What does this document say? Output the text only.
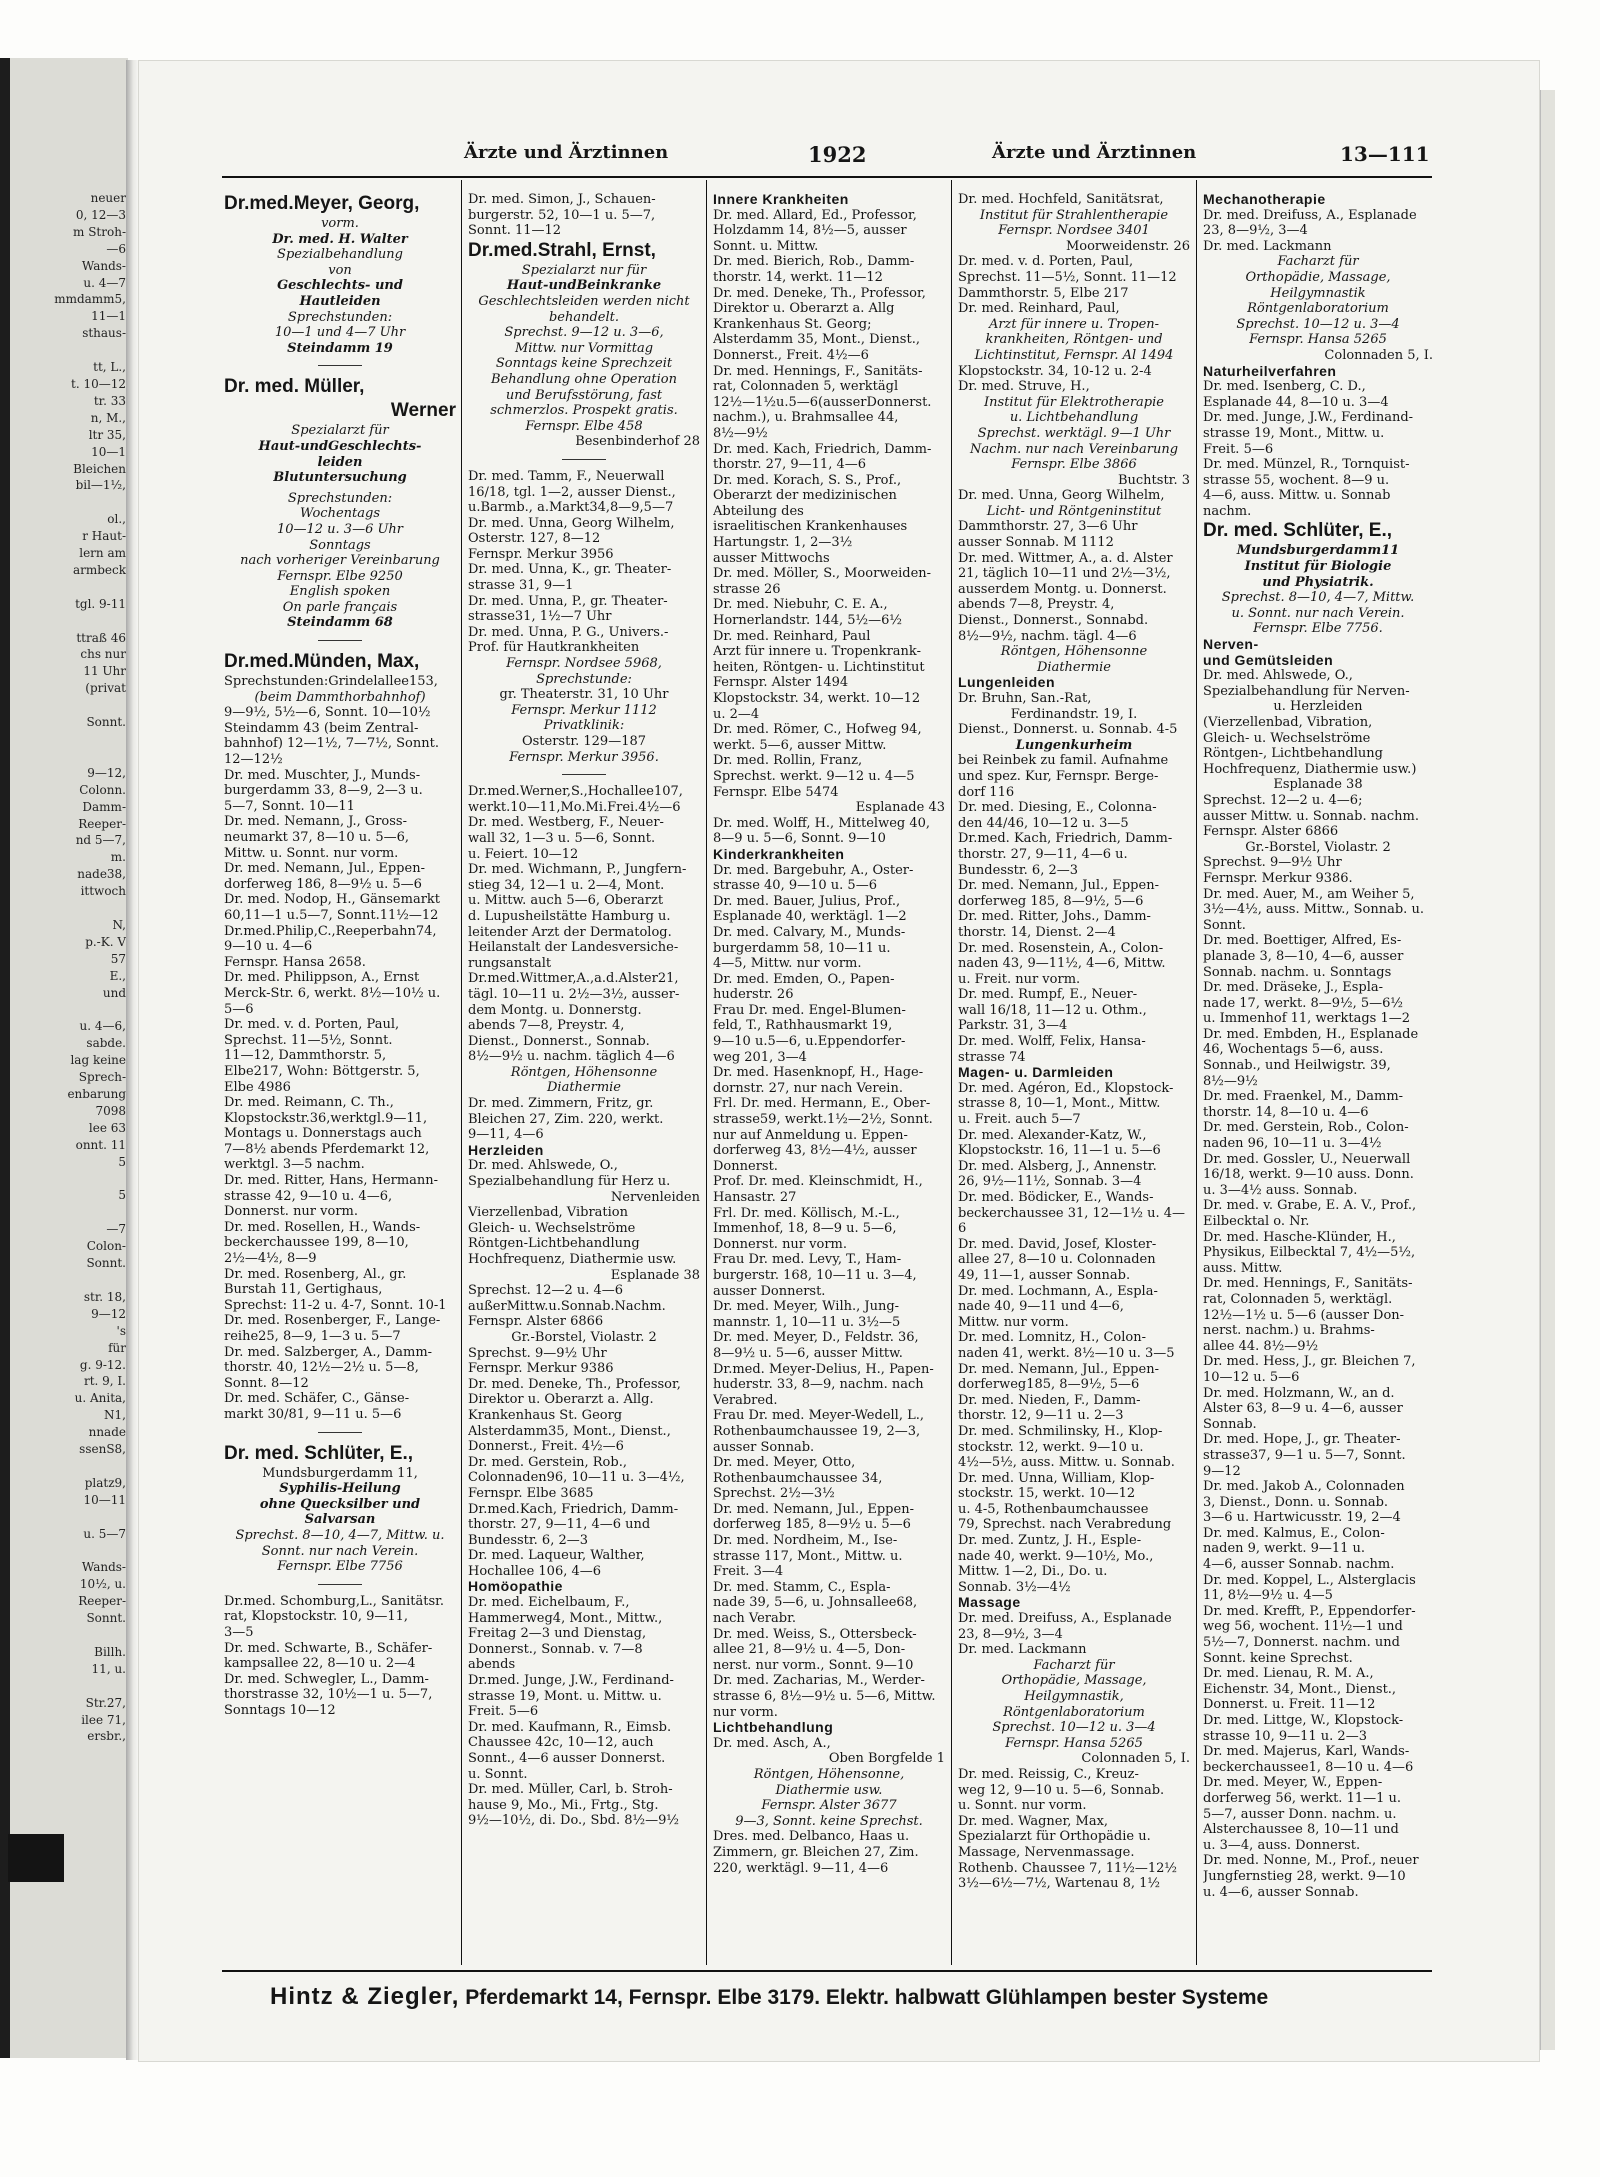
neuer
0, 12—3
m Stroh-
—6
Wands-
u. 4—7
mmdamm5,
11—1
sthaus-

tt, L.,
t. 10—12
tr. 33
n, M.,
ltr 35,
10—1
Bleichen
bil—1½,

ol.,
r Haut-
lern am
armbeck

tgl. 9-11

ttraß 46
chs nur
11 Uhr
(privat

Sonnt.

9—12,
Colonn.
Damm-
Reeper-
nd 5—7,
m.
nade38,
ittwoch

N,
p.-K. V
57
E.,
und

u. 4—6,
sabde.
lag keine
Sprech-
enbarung
7098
lee 63
onnt. 11
5

5

—7
Colon-
Sonnt.

str. 18,
9—12
's
für
g. 9-12.
rt. 9, I.
u. Anita,
N1,
nnade
ssenS8,

platz9,
10—11

u. 5—7

Wands-
10½, u.
Reeper-
Sonnt.

Billh.
11, u.

Str.27,
ilee 71,
ersbr.,
Ärzte und Ärztinnen	1922	Ärzte und Ärztinnen	13—111

Dr.med.Meyer, Georg,

vorm.

Dr. med. H. Walter

Spezialbehandlung

von

Geschlechts- und

Hautleiden

Sprechstunden:

10—1 und 4—7 Uhr

Steindamm 19

Dr. med. Müller,

Werner

Spezialarzt für

Haut-undGeschlechts-

leiden

Blutuntersuchung

Sprechstunden:

Wochentags

10—12 u. 3—6 Uhr

Sonntags

nach vorheriger Vereinbarung

Fernspr. Elbe 9250

English spoken

On parle français

Steindamm 68

Dr.med.Münden, Max,

Sprechstunden:Grindelallee153,

(beim Dammthorbahnhof)

9—9½, 5½—6, Sonnt. 10—10½

Steindamm 43 (beim Zentral-

bahnhof) 12—1½, 7—7½, Sonnt.

12—12½

Dr. med. Muschter, J., Munds-

burgerdamm 33, 8—9, 2—3 u.

5—7, Sonnt. 10—11

Dr. med. Nemann, J., Gross-

neumarkt 37, 8—10 u. 5—6,

Mittw. u. Sonnt. nur vorm.

Dr. med. Nemann, Jul., Eppen-

dorferweg 186, 8—9½ u. 5—6

Dr. med. Nodop, H., Gänsemarkt

60,11—1 u.5—7, Sonnt.11½—12

Dr.med.Philip,C.,Reeperbahn74,

9—10 u. 4—6

Fernspr. Hansa 2658.

Dr. med. Philippson, A., Ernst

Merck-Str. 6, werkt. 8½—10½ u.

5—6

Dr. med. v. d. Porten, Paul,

Sprechst. 11—5½, Sonnt.

11—12, Dammthorstr. 5,

Elbe217, Wohn: Böttgerstr. 5,

Elbe 4986

Dr. med. Reimann, C. Th.,

Klopstockstr.36,werktgl.9—11,

Montags u. Donnerstags auch

7—8½ abends Pferdemarkt 12,

werktgl. 3—5 nachm.

Dr. med. Ritter, Hans, Hermann-

strasse 42, 9—10 u. 4—6,

Donnerst. nur vorm.

Dr. med. Rosellen, H., Wands-

beckerchaussee 199, 8—10,

2½—4½, 8—9

Dr. med. Rosenberg, Al., gr.

Burstah 11, Gertighaus,

Sprechst: 11-2 u. 4-7, Sonnt. 10-1

Dr. med. Rosenberger, F., Lange-

reihe25, 8—9, 1—3 u. 5—7

Dr. med. Salzberger, A., Damm-

thorstr. 40, 12½—2½ u. 5—8,

Sonnt. 8—12

Dr. med. Schäfer, C., Gänse-

markt 30/81, 9—11 u. 5—6

Dr. med. Schlüter, E.,

Mundsburgerdamm 11,

Syphilis-Heilung

ohne Quecksilber und

Salvarsan

Sprechst. 8—10, 4—7, Mittw. u.

Sonnt. nur nach Verein.

Fernspr. Elbe 7756

Dr.med. Schomburg,L., Sanitätsr.

rat, Klopstockstr. 10, 9—11,

3—5

Dr. med. Schwarte, B., Schäfer-

kampsallee 22, 8—10 u. 2—4

Dr. med. Schwegler, L., Damm-

thorstrasse 32, 10½—1 u. 5—7,

Sonntags 10—12

Dr. med. Simon, J., Schauen-

burgerstr. 52, 10—1 u. 5—7,

Sonnt. 11—12

Dr.med.Strahl, Ernst,

Spezialarzt nur für

Haut-undBeinkranke

Geschlechtsleiden werden nicht

behandelt.

Sprechst. 9—12 u. 3—6,

Mittw. nur Vormittag

Sonntags keine Sprechzeit

Behandlung ohne Operation

und Berufsstörung, fast

schmerzlos. Prospekt gratis.

Fernspr. Elbe 458

Besenbinderhof 28

Dr. med. Tamm, F., Neuerwall

16/18, tgl. 1—2, ausser Dienst.,

u.Barmb., a.Markt34,8—9,5—7

Dr. med. Unna, Georg Wilhelm,

Osterstr. 127, 8—12

Fernspr. Merkur 3956

Dr. med. Unna, K., gr. Theater-

strasse 31, 9—1

Dr. med. Unna, P., gr. Theater-

strasse31, 1½—7 Uhr

Dr. med. Unna, P. G., Univers.-

Prof. für Hautkrankheiten

Fernspr. Nordsee 5968,

Sprechstunde:

gr. Theaterstr. 31, 10 Uhr

Fernspr. Merkur 1112

Privatklinik:

Osterstr. 129—187

Fernspr. Merkur 3956.

Dr.med.Werner,S.,Hochallee107,

werkt.10—11,Mo.Mi.Frei.4½—6

Dr. med. Westberg, F., Neuer-

wall 32, 1—3 u. 5—6, Sonnt.

u. Feiert. 10—12

Dr. med. Wichmann, P., Jungfern-

stieg 34, 12—1 u. 2—4, Mont.

u. Mittw. auch 5—6, Oberarzt

d. Lupusheilstätte Hamburg u.

leitender Arzt der Dermatolog.

Heilanstalt der Landesversiche-

rungsanstalt

Dr.med.Wittmer,A.,a.d.Alster21,

tägl. 10—11 u. 2½—3½, ausser-

dem Montg. u. Donnerstg.

abends 7—8, Preystr. 4,

Dienst., Donnerst., Sonnab.

8½—9½ u. nachm. täglich 4—6

Röntgen, Höhensonne

Diathermie

Dr. med. Zimmern, Fritz, gr.

Bleichen 27, Zim. 220, werkt.

9—11, 4—6

Herzleiden

Dr. med. Ahlswede, O.,

Spezialbehandlung für Herz u.

Nervenleiden

Vierzellenbad, Vibration

Gleich- u. Wechselströme

Röntgen-Lichtbehandlung

Hochfrequenz, Diathermie usw.

Esplanade 38

Sprechst. 12—2 u. 4—6

außerMittw.u.Sonnab.Nachm.

Fernspr. Alster 6866

Gr.-Borstel, Violastr. 2

Sprechst. 9—9½ Uhr

Fernspr. Merkur 9386

Dr. med. Deneke, Th., Professor,

Direktor u. Oberarzt a. Allg.

Krankenhaus St. Georg

Alsterdamm35, Mont., Dienst.,

Donnerst., Freit. 4½—6

Dr. med. Gerstein, Rob.,

Colonnaden96, 10—11 u. 3—4½,

Fernspr. Elbe 3685

Dr.med.Kach, Friedrich, Damm-

thorstr. 27, 9—11, 4—6 und

Bundesstr. 6, 2—3

Dr. med. Laqueur, Walther,

Hochallee 106, 4—6

Homöopathie

Dr. med. Eichelbaum, F.,

Hammerweg4, Mont., Mittw.,

Freitag 2—3 und Dienstag,

Donnerst., Sonnab. v. 7—8

abends

Dr.med. Junge, J.W., Ferdinand-

strasse 19, Mont. u. Mittw. u.

Freit. 5—6

Dr. med. Kaufmann, R., Eimsb.

Chaussee 42c, 10—12, auch

Sonnt., 4—6 ausser Donnerst.

u. Sonnt.

Dr. med. Müller, Carl, b. Stroh-

hause 9, Mo., Mi., Frtg., Stg.

9½—10½, di. Do., Sbd. 8½—9½

Innere Krankheiten

Dr. med. Allard, Ed., Professor,

Holzdamm 14, 8½—5, ausser

Sonnt. u. Mittw.

Dr. med. Bierich, Rob., Damm-

thorstr. 14, werkt. 11—12

Dr. med. Deneke, Th., Professor,

Direktor u. Oberarzt a. Allg

Krankenhaus St. Georg;

Alsterdamm 35, Mont., Dienst.,

Donnerst., Freit. 4½—6

Dr. med. Hennings, F., Sanitäts-

rat, Colonnaden 5, werktägl

12½—1½u.5—6(ausserDonnerst.

nachm.), u. Brahmsallee 44,

8½—9½

Dr. med. Kach, Friedrich, Damm-

thorstr. 27, 9—11, 4—6

Dr. med. Korach, S. S., Prof.,

Oberarzt der medizinischen

Abteilung des

israelitischen Krankenhauses

Hartungstr. 1, 2—3½

ausser Mittwochs

Dr. med. Möller, S., Moorweiden-

strasse 26

Dr. med. Niebuhr, C. E. A.,

Hornerlandstr. 144, 5½—6½

Dr. med. Reinhard, Paul

Arzt für innere u. Tropenkrank-

heiten, Röntgen- u. Lichtinstitut

Fernspr. Alster 1494

Klopstockstr. 34, werkt. 10—12

u. 2—4

Dr. med. Römer, C., Hofweg 94,

werkt. 5—6, ausser Mittw.

Dr. med. Rollin, Franz,

Sprechst. werkt. 9—12 u. 4—5

Fernspr. Elbe 5474

Esplanade 43

Dr. med. Wolff, H., Mittelweg 40,

8—9 u. 5—6, Sonnt. 9—10

Kinderkrankheiten

Dr. med. Bargebuhr, A., Oster-

strasse 40, 9—10 u. 5—6

Dr. med. Bauer, Julius, Prof.,

Esplanade 40, werktägl. 1—2

Dr. med. Calvary, M., Munds-

burgerdamm 58, 10—11 u.

4—5, Mittw. nur vorm.

Dr. med. Emden, O., Papen-

huderstr. 26

Frau Dr. med. Engel-Blumen-

feld, T., Rathhausmarkt 19,

9—10 u.5—6, u.Eppendorfer-

weg 201, 3—4

Dr. med. Hasenknopf, H., Hage-

dornstr. 27, nur nach Verein.

Frl. Dr. med. Hermann, E., Ober-

strasse59, werkt.1½—2½, Sonnt.

nur auf Anmeldung u. Eppen-

dorferweg 43, 8½—4½, ausser

Donnerst.

Prof. Dr. med. Kleinschmidt, H.,

Hansastr. 27

Frl. Dr. med. Köllisch, M.-L.,

Immenhof, 18, 8—9 u. 5—6,

Donnerst. nur vorm.

Frau Dr. med. Levy, T., Ham-

burgerstr. 168, 10—11 u. 3—4,

ausser Donnerst.

Dr. med. Meyer, Wilh., Jung-

mannstr. 1, 10—11 u. 3½—5

Dr. med. Meyer, D., Feldstr. 36,

8—9½ u. 5—6, ausser Mittw.

Dr.med. Meyer-Delius, H., Papen-

huderstr. 33, 8—9, nachm. nach

Verabred.

Frau Dr. med. Meyer-Wedell, L.,

Rothenbaumchaussee 19, 2—3,

ausser Sonnab.

Dr. med. Meyer, Otto,

Rothenbaumchaussee 34,

Sprechst. 2½—3½

Dr. med. Nemann, Jul., Eppen-

dorferweg 185, 8—9½ u. 5—6

Dr. med. Nordheim, M., Ise-

strasse 117, Mont., Mittw. u.

Freit. 3—4

Dr. med. Stamm, C., Espla-

nade 39, 5—6, u. Johnsallee68,

nach Verabr.

Dr. med. Weiss, S., Ottersbeck-

allee 21, 8—9½ u. 4—5, Don-

nerst. nur vorm., Sonnt. 9—10

Dr. med. Zacharias, M., Werder-

strasse 6, 8½—9½ u. 5—6, Mittw.

nur vorm.

Lichtbehandlung

Dr. med. Asch, A.,

Oben Borgfelde 1

Röntgen, Höhensonne,

Diathermie usw.

Fernspr. Alster 3677

9—3, Sonnt. keine Sprechst.

Dres. med. Delbanco, Haas u.

Zimmern, gr. Bleichen 27, Zim.

220, werktägl. 9—11, 4—6

Dr. med. Hochfeld, Sanitätsrat,

Institut für Strahlentherapie

Fernspr. Nordsee 3401

Moorweidenstr. 26

Dr. med. v. d. Porten, Paul,

Sprechst. 11—5½, Sonnt. 11—12

Dammthorstr. 5, Elbe 217

Dr. med. Reinhard, Paul,

Arzt für innere u. Tropen-

krankheiten, Röntgen- und

Lichtinstitut, Fernspr. Al 1494

Klopstockstr. 34, 10-12 u. 2-4

Dr. med. Struve, H.,

Institut für Elektrotherapie

u. Lichtbehandlung

Sprechst. werktägl. 9—1 Uhr

Nachm. nur nach Vereinbarung

Fernspr. Elbe 3866

Buchtstr. 3

Dr. med. Unna, Georg Wilhelm,

Licht- und Röntgeninstitut

Dammthorstr. 27, 3—6 Uhr

ausser Sonnab. M 1112

Dr. med. Wittmer, A., a. d. Alster

21, täglich 10—11 und 2½—3½,

ausserdem Montg. u. Donnerst.

abends 7—8, Preystr. 4,

Dienst., Donnerst., Sonnabd.

8½—9½, nachm. tägl. 4—6

Röntgen, Höhensonne

Diathermie

Lungenleiden

Dr. Bruhn, San.-Rat,

Ferdinandstr. 19, I.

Dienst., Donnerst. u. Sonnab. 4-5

Lungenkurheim

bei Reinbek zu famil. Aufnahme

und spez. Kur, Fernspr. Berge-

dorf 116

Dr. med. Diesing, E., Colonna-

den 44/46, 10—12 u. 3—5

Dr.med. Kach, Friedrich, Damm-

thorstr. 27, 9—11, 4—6 u.

Bundesstr. 6, 2—3

Dr. med. Nemann, Jul., Eppen-

dorferweg 185, 8—9½, 5—6

Dr. med. Ritter, Johs., Damm-

thorstr. 14, Dienst. 2—4

Dr. med. Rosenstein, A., Colon-

naden 43, 9—11½, 4—6, Mittw.

u. Freit. nur vorm.

Dr. med. Rumpf, E., Neuer-

wall 16/18, 11—12 u. Othm.,

Parkstr. 31, 3—4

Dr. med. Wolff, Felix, Hansa-

strasse 74

Magen- u. Darmleiden

Dr. med. Agéron, Ed., Klopstock-

strasse 8, 10—1, Mont., Mittw.

u. Freit. auch 5—7

Dr. med. Alexander-Katz, W.,

Klopstockstr. 16, 11—1 u. 5—6

Dr. med. Alsberg, J., Annenstr.

26, 9½—11½, Sonnab. 3—4

Dr. med. Bödicker, E., Wands-

beckerchaussee 31, 12—1½ u. 4—6

Dr. med. David, Josef, Kloster-

allee 27, 8—10 u. Colonnaden

49, 11—1, ausser Sonnab.

Dr. med. Lochmann, A., Espla-

nade 40, 9—11 und 4—6,

Mittw. nur vorm.

Dr. med. Lomnitz, H., Colon-

naden 41, werkt. 8½—10 u. 3—5

Dr. med. Nemann, Jul., Eppen-

dorferweg185, 8—9½, 5—6

Dr. med. Nieden, F., Damm-

thorstr. 12, 9—11 u. 2—3

Dr. med. Schmilinsky, H., Klop-

stockstr. 12, werkt. 9—10 u.

4½—5½, auss. Mittw. u. Sonnab.

Dr. med. Unna, William, Klop-

stockstr. 15, werkt. 10—12

u. 4-5, Rothenbaumchaussee

79, Sprechst. nach Verabredung

Dr. med. Zuntz, J. H., Esple-

nade 40, werkt. 9—10½, Mo.,

Mittw. 1—2, Di., Do. u.

Sonnab. 3½—4½

Massage

Dr. med. Dreifuss, A., Esplanade

23, 8—9½, 3—4

Dr. med. Lackmann

Facharzt für

Orthopädie, Massage,

Heilgymnastik,

Röntgenlaboratorium

Sprechst. 10—12 u. 3—4

Fernspr. Hansa 5265

Colonnaden 5, I.

Dr. med. Reissig, C., Kreuz-

weg 12, 9—10 u. 5—6, Sonnab.

u. Sonnt. nur vorm.

Dr. med. Wagner, Max,

Spezialarzt für Orthopädie u.

Massage, Nervenmassage.

Rothenb. Chaussee 7, 11½—12½

3½—6½—7½, Wartenau 8, 1½

Mechanotherapie

Dr. med. Dreifuss, A., Esplanade

23, 8—9½, 3—4

Dr. med. Lackmann

Facharzt für

Orthopädie, Massage,

Heilgymnastik

Röntgenlaboratorium

Sprechst. 10—12 u. 3—4

Fernspr. Hansa 5265

Colonnaden 5, I.

Naturheilverfahren

Dr. med. Isenberg, C. D.,

Esplanade 44, 8—10 u. 3—4

Dr. med. Junge, J.W., Ferdinand-

strasse 19, Mont., Mittw. u.

Freit. 5—6

Dr. med. Münzel, R., Tornquist-

strasse 55, wochent. 8—9 u.

4—6, auss. Mittw. u. Sonnab

nachm.

Dr. med. Schlüter, E.,

Mundsburgerdamm11

Institut für Biologie

und Physiatrik.

Sprechst. 8—10, 4—7, Mittw.

u. Sonnt. nur nach Verein.

Fernspr. Elbe 7756.

Nerven-

und Gemütsleiden

Dr. med. Ahlswede, O.,

Spezialbehandlung für Nerven-

u. Herzleiden

(Vierzellenbad, Vibration,

Gleich- u. Wechselströme

Röntgen-, Lichtbehandlung

Hochfrequenz, Diathermie usw.)

Esplanade 38

Sprechst. 12—2 u. 4—6;

ausser Mittw. u. Sonnab. nachm.

Fernspr. Alster 6866

Gr.-Borstel, Violastr. 2

Sprechst. 9—9½ Uhr

Fernspr. Merkur 9386.

Dr. med. Auer, M., am Weiher 5,

3½—4½, auss. Mittw., Sonnab. u.

Sonnt.

Dr. med. Boettiger, Alfred, Es-

planade 3, 8—10, 4—6, ausser

Sonnab. nachm. u. Sonntags

Dr. med. Dräseke, J., Espla-

nade 17, werkt. 8—9½, 5—6½

u. Immenhof 11, werktags 1—2

Dr. med. Embden, H., Esplanade

46, Wochentags 5—6, auss.

Sonnab., und Heilwigstr. 39,

8½—9½

Dr. med. Fraenkel, M., Damm-

thorstr. 14, 8—10 u. 4—6

Dr. med. Gerstein, Rob., Colon-

naden 96, 10—11 u. 3—4½

Dr. med. Gossler, U., Neuerwall

16/18, werkt. 9—10 auss. Donn.

u. 3—4½ auss. Sonnab.

Dr. med. v. Grabe, E. A. V., Prof.,

Eilbecktal o. Nr.

Dr. med. Hasche-Klünder, H.,

Physikus, Eilbecktal 7, 4½—5½,

auss. Mittw.

Dr. med. Hennings, F., Sanitäts-

rat, Colonnaden 5, werktägl.

12½—1½ u. 5—6 (ausser Don-

nerst. nachm.) u. Brahms-

allee 44. 8½—9½

Dr. med. Hess, J., gr. Bleichen 7,

10—12 u. 5—6

Dr. med. Holzmann, W., an d.

Alster 63, 8—9 u. 4—6, ausser

Sonnab.

Dr. med. Hope, J., gr. Theater-

strasse37, 9—1 u. 5—7, Sonnt.

9—12

Dr. med. Jakob A., Colonnaden

3, Dienst., Donn. u. Sonnab.

3—6 u. Hartwicusstr. 19, 2—4

Dr. med. Kalmus, E., Colon-

naden 9, werkt. 9—11 u.

4—6, ausser Sonnab. nachm.

Dr. med. Koppel, L., Alsterglacis

11, 8½—9½ u. 4—5

Dr. med. Krefft, P., Eppendorfer-

weg 56, wochent. 11½—1 und

5½—7, Donnerst. nachm. und

Sonnt. keine Sprechst.

Dr. med. Lienau, R. M. A.,

Eichenstr. 34, Mont., Dienst.,

Donnerst. u. Freit. 11—12

Dr. med. Littge, W., Klopstock-

strasse 10, 9—11 u. 2—3

Dr. med. Majerus, Karl, Wands-

beckerchaussee1, 8—10 u. 4—6

Dr. med. Meyer, W., Eppen-

dorferweg 56, werkt. 11—1 u.

5—7, ausser Donn. nachm. u.

Alsterchaussee 8, 10—11 und

u. 3—4, auss. Donnerst.

Dr. med. Nonne, M., Prof., neuer

Jungfernstieg 28, werkt. 9—10

u. 4—6, ausser Sonnab.

Hintz & Ziegler, Pferdemarkt 14, Fernspr. Elbe 3179. Elektr. halbwatt Glühlampen bester Systeme
